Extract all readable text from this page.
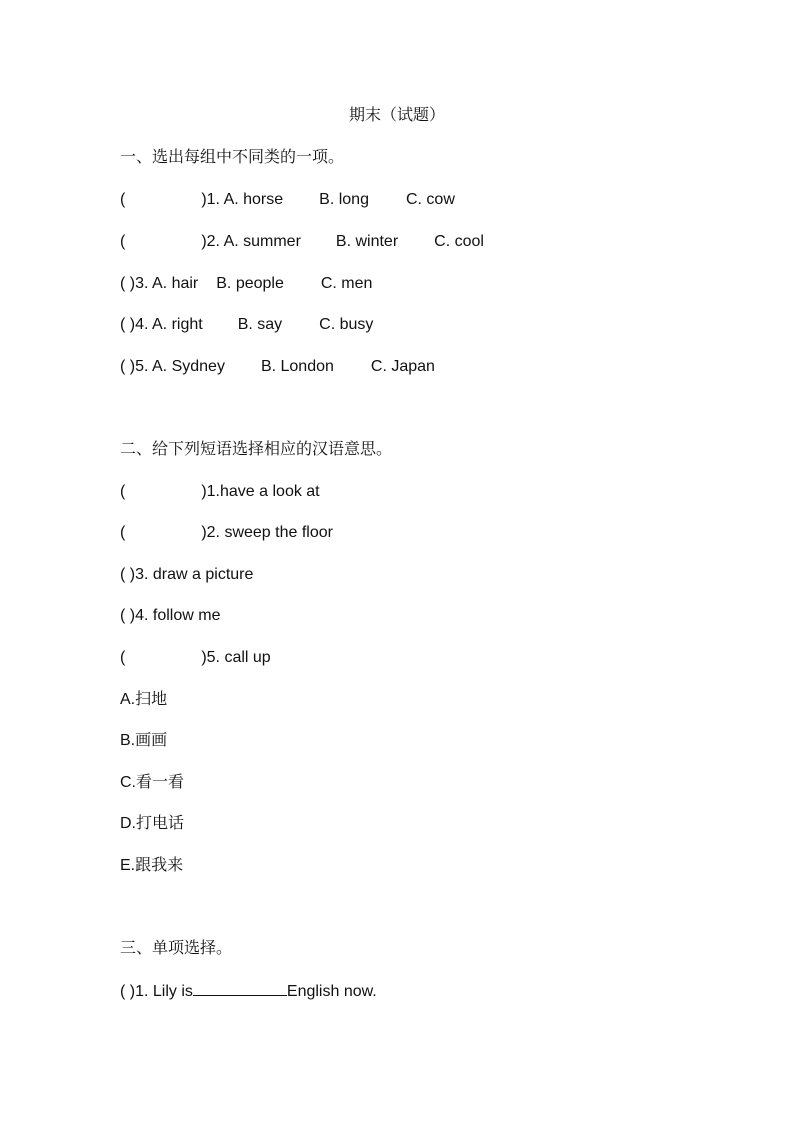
期末（试题）
一、选出每组中不同类的一项。
(	)1. A. horse B. long C. cow
(	)2. A. summer B. winter C. cool
( )3. A. hair B. people C. men
( )4. A. right B. say C. busy
( )5. A. Sydney B. London C. Japan
二、给下列短语选择相应的汉语意思。
(	)1.have a look at
(	)2. sweep the floor
( )3. draw a picture
( )4. follow me
(	)5. call up
A.扫地
B.画画
C.看一看
D.打电话
E.跟我来
三、单项选择。
( )1. Lily is	English now.
